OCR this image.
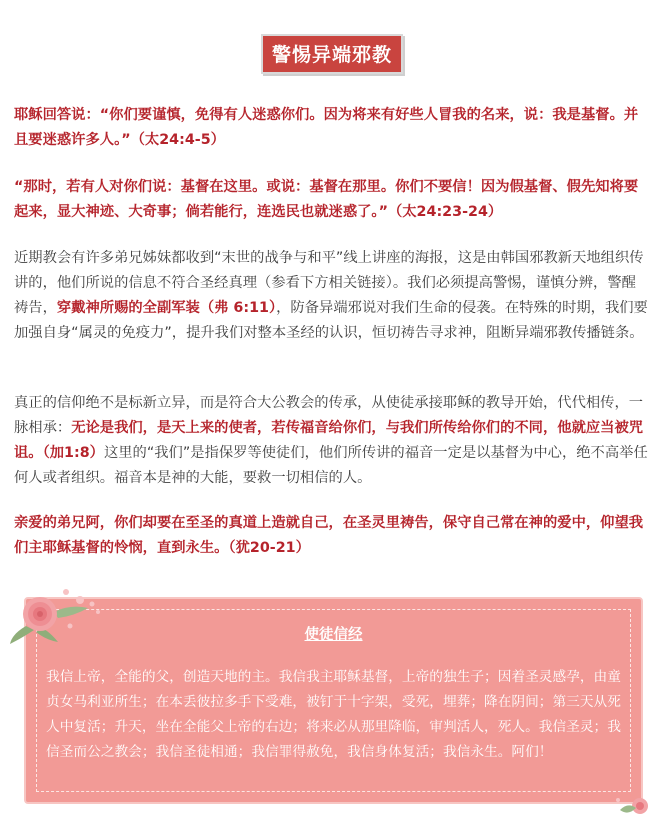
警惕异端邪教

耶稣回答说：“你们要谨慎，免得有人迷惑你们。因为将来有好些人冒我的名来，说：我是基督。并且要迷惑许多人。”（太24:4-5）

“那时，若有人对你们说：基督在这里。或说：基督在那里。你们不要信！因为假基督、假先知将要起来，显大神迹、大奇事；倘若能行，连选民也就迷惑了。”（太24:23-24）

近期教会有许多弟兄姊妹都收到“末世的战争与和平”线上讲座的海报，这是由韩国邪教新天地组织传讲的，他们所说的信息不符合圣经真理（参看下方相关链接）。我们必须提高警惕，谨慎分辨，警醒祷告，穿戴神所赐的全副军装（弗 6:11），防备异端邪说对我们生命的侵袭。在特殊的时期，我们要加强自身“属灵的免疫力”，提升我们对整本圣经的认识，恒切祷告寻求神，阻断异端邪教传播链条。

真正的信仰绝不是标新立异，而是符合大公教会的传承，从使徒承接耶稣的教导开始，代代相传，一脉相承：无论是我们，是天上来的使者，若传福音给你们，与我们所传给你们的不同，他就应当被咒诅。（加1:8）这里的“我们”是指保罗等使徒们，他们所传讲的福音一定是以基督为中心，绝不高举任何人或者组织。福音本是神的大能，要救一切相信的人。

亲爱的弟兄阿，你们却要在至圣的真道上造就自己，在圣灵里祷告，保守自己常在神的爱中，仰望我们主耶稣基督的怜悯，直到永生。（犹20-21）

使徒信经

我信上帝，全能的父，创造天地的主。我信我主耶稣基督，上帝的独生子；因着圣灵感孕，由童贞女马利亚所生；在本丢彼拉多手下受难，被钉于十字架，受死，埋葬；降在阴间；第三天从死人中复活；升天，坐在全能父上帝的右边；将来必从那里降临，审判活人，死人。我信圣灵；我信圣而公之教会；我信圣徒相通；我信罪得赦免，我信身体复活；我信永生。阿们！
